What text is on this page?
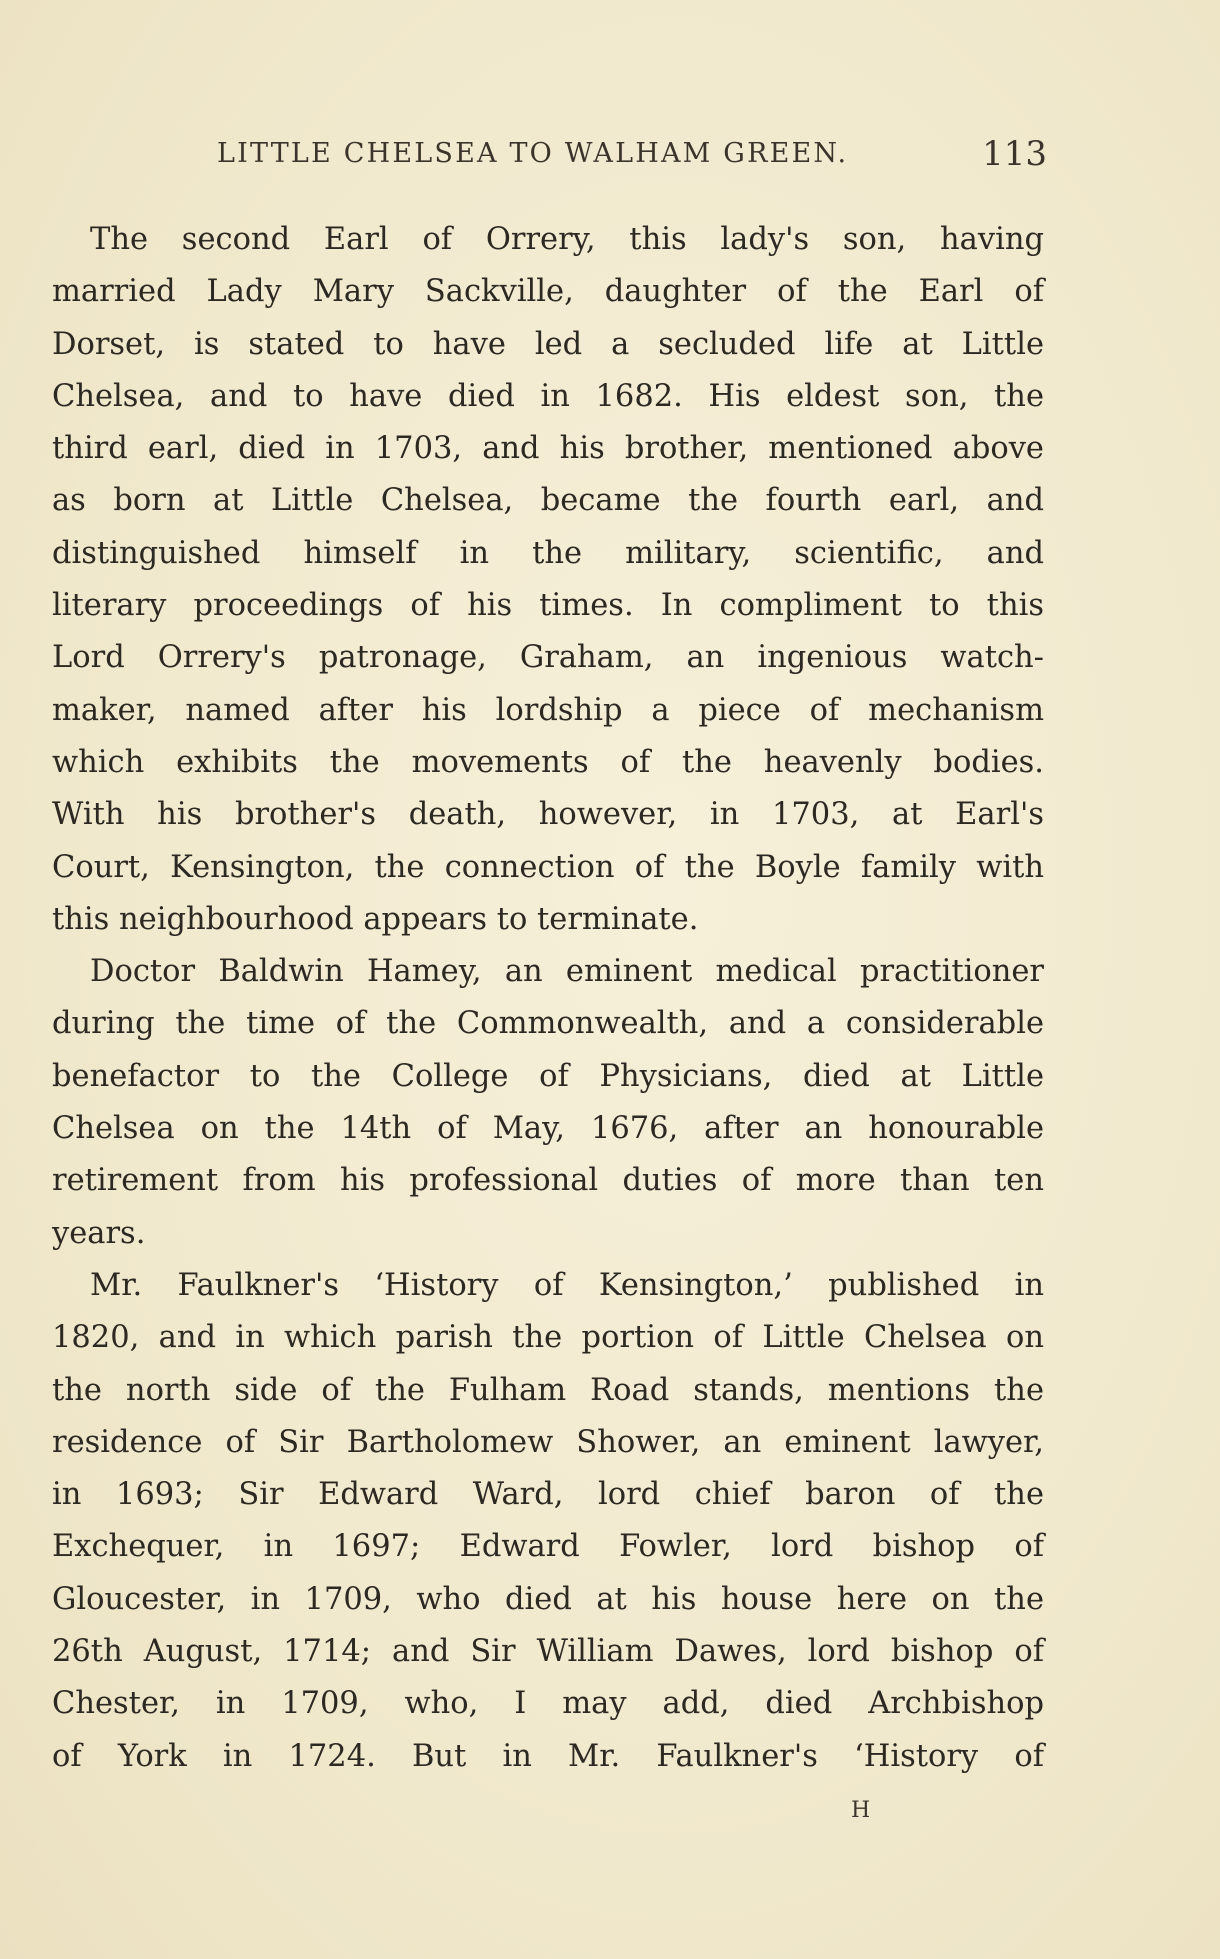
LITTLE CHELSEA TO WALHAM GREEN.	113

The second Earl of Orrery, this lady's son, having
married Lady Mary Sackville, daughter of the Earl of
Dorset, is stated to have led a secluded life at Little
Chelsea, and to have died in 1682. His eldest son, the
third earl, died in 1703, and his brother, mentioned above
as born at Little Chelsea, became the fourth earl, and
distinguished himself in the military, scientific, and
literary proceedings of his times. In compliment to this
Lord Orrery's patronage, Graham, an ingenious watch-
maker, named after his lordship a piece of mechanism
which exhibits the movements of the heavenly bodies.
With his brother's death, however, in 1703, at Earl's
Court, Kensington, the connection of the Boyle family with
this neighbourhood appears to terminate.

Doctor Baldwin Hamey, an eminent medical practitioner
during the time of the Commonwealth, and a considerable
benefactor to the College of Physicians, died at Little
Chelsea on the 14th of May, 1676, after an honourable
retirement from his professional duties of more than ten
years.

Mr. Faulkner's ‘History of Kensington,’ published in
1820, and in which parish the portion of Little Chelsea on
the north side of the Fulham Road stands, mentions the
residence of Sir Bartholomew Shower, an eminent lawyer,
in 1693; Sir Edward Ward, lord chief baron of the
Exchequer, in 1697; Edward Fowler, lord bishop of
Gloucester, in 1709, who died at his house here on the
26th August, 1714; and Sir William Dawes, lord bishop of
Chester, in 1709, who, I may add, died Archbishop
of York in 1724. But in Mr. Faulkner's ‘History of

H
